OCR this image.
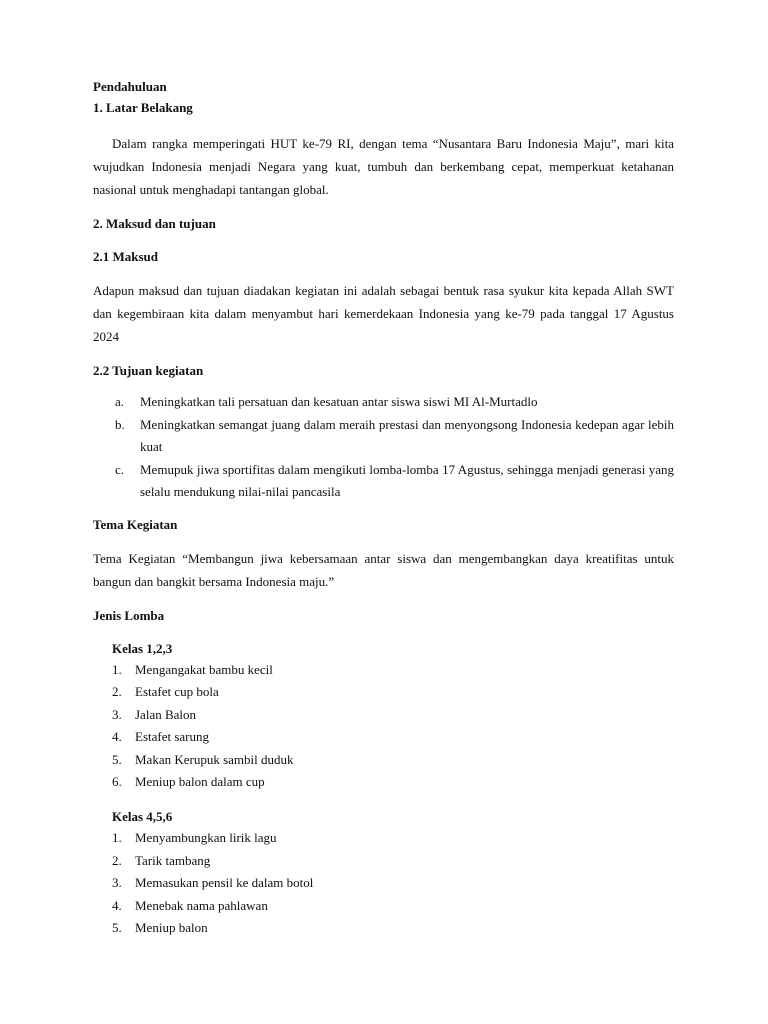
Pendahuluan
1. Latar Belakang

Dalam rangka memperingati HUT ke-79 RI, dengan tema “Nusantara Baru Indonesia Maju”, mari kita wujudkan Indonesia menjadi Negara yang kuat, tumbuh dan berkembang cepat, memperkuat ketahanan nasional untuk menghadapi tantangan global.

2. Maksud dan tujuan
2.1 Maksud

Adapun maksud dan tujuan diadakan kegiatan ini adalah sebagai bentuk rasa syukur kita kepada Allah SWT dan kegembiraan kita dalam menyambut hari kemerdekaan Indonesia yang ke-79 pada tanggal 17 Agustus 2024

2.2 Tujuan kegiatan
a. Meningkatkan tali persatuan dan kesatuan antar siswa siswi MI Al-Murtadlo
b. Meningkatkan semangat juang dalam meraih prestasi dan menyongsong Indonesia kedepan agar lebih kuat
c. Memupuk jiwa sportifitas dalam mengikuti lomba-lomba 17 Agustus, sehingga menjadi generasi yang selalu mendukung nilai-nilai pancasila
Tema Kegiatan

Tema Kegiatan “Membangun jiwa kebersamaan antar siswa dan mengembangkan daya kreatifitas untuk bangun dan bangkit bersama Indonesia maju.”

Jenis Lomba
Kelas 1,2,3
1. Mengangakat bambu kecil
2. Estafet cup bola
3. Jalan Balon
4. Estafet sarung
5. Makan Kerupuk sambil duduk
6. Meniup balon dalam cup
Kelas 4,5,6
1. Menyambungkan lirik lagu
2. Tarik tambang
3. Memasukan pensil ke dalam botol
4. Menebak nama pahlawan
5. Meniup balon
